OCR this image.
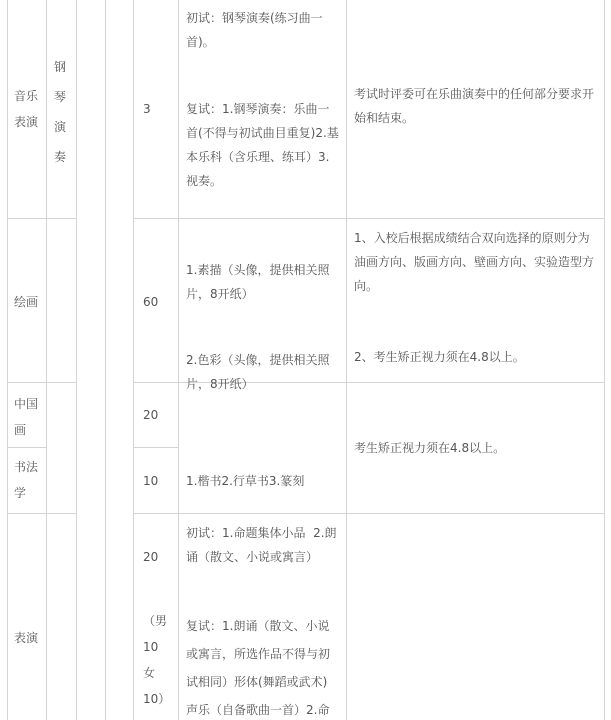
音乐
表演
钢
琴
演
奏
3
初试：钢琴演奏(练习曲一
首)。
复试：1.钢琴演奏：乐曲一
首(不得与初试曲目重复)2.基
本乐科（含乐理、练耳）3.
视奏。
考试时评委可在乐曲演奏中的任何部分要求开
始和结束。
绘画	60
1.素描（头像，提供相关照
片，8开纸）
2.色彩（头像，提供相关照
片，8开纸）
1、入校后根据成绩结合双向选择的原则分为
油画方向、版画方向、壁画方向、实验造型方
向。
2、考生矫正视力须在4.8以上。
中国
画
20
考生矫正视力须在4.8以上。
书法
学
10 1.楷书2.行草书3.篆刻
表演
20
（男
10
女
10）
初试：1.命题集体小品  2.朗
诵（散文、小说或寓言）
复试：1.朗诵（散文、小说
或寓言，所选作品不得与初
试相同）形体(舞蹈或武术)
声乐（自备歌曲一首）2.命
